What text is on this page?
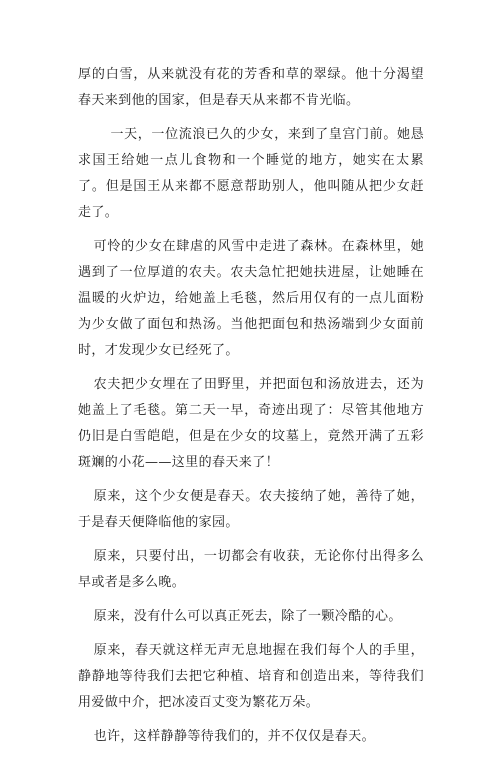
厚的白雪，从来就没有花的芳香和草的翠绿。他十分渴望春天来到他的国家，但是春天从来都不肯光临。

一天，一位流浪已久的少女，来到了皇宫门前。她恳求国王给她一点儿食物和一个睡觉的地方，她实在太累了。但是国王从来都不愿意帮助别人，他叫随从把少女赶走了。

可怜的少女在肆虐的风雪中走进了森林。在森林里，她遇到了一位厚道的农夫。农夫急忙把她扶进屋，让她睡在温暖的火炉边，给她盖上毛毯，然后用仅有的一点儿面粉为少女做了面包和热汤。当他把面包和热汤端到少女面前时，才发现少女已经死了。

农夫把少女埋在了田野里，并把面包和汤放进去，还为她盖上了毛毯。第二天一早，奇迹出现了：尽管其他地方仍旧是白雪皑皑，但是在少女的坟墓上，竟然开满了五彩斑斓的小花——这里的春天来了！

原来，这个少女便是春天。农夫接纳了她，善待了她，于是春天便降临他的家园。

原来，只要付出，一切都会有收获，无论你付出得多么早或者是多么晚。

原来，没有什么可以真正死去，除了一颗冷酷的心。

原来，春天就这样无声无息地握在我们每个人的手里，静静地等待我们去把它种植、培育和创造出来，等待我们用爱做中介，把冰凌百丈变为繁花万朵。

也许，这样静静等待我们的，并不仅仅是春天。
